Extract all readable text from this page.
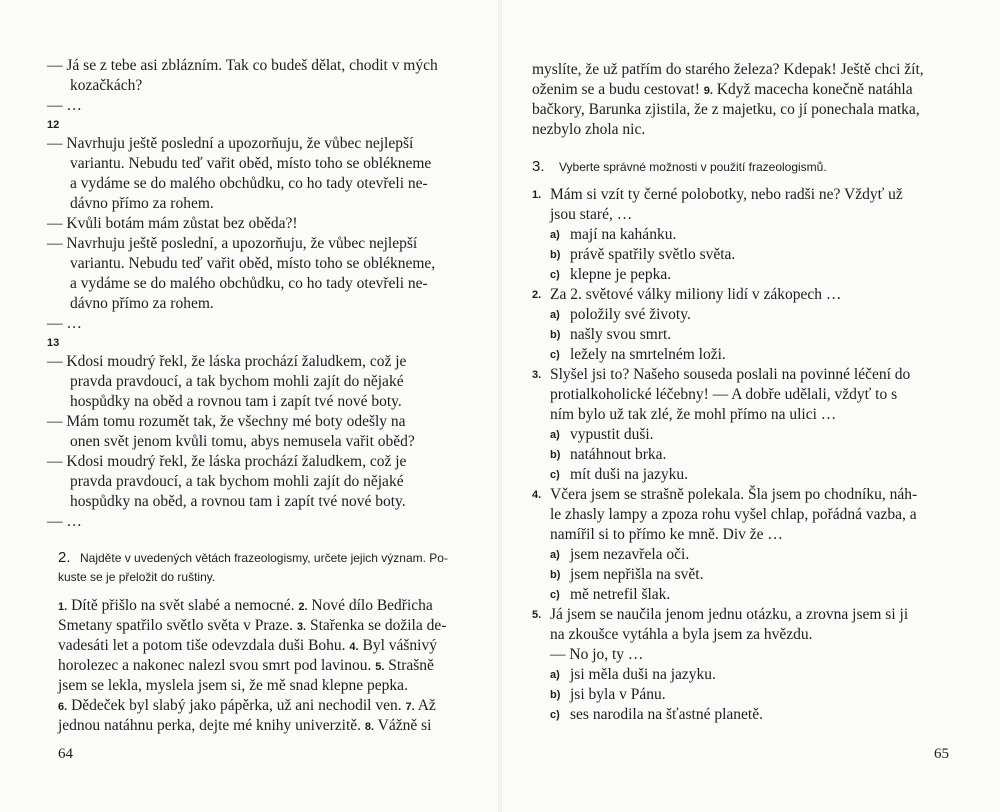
— Já se z tebe asi zblázním. Tak co budeš dělat, chodit v mých
kozačkách?
— …
12
— Navrhuju ještě poslední a upozorňuju, že vůbec nejlepší
variantu. Nebudu teď vařit oběd, místo toho se oblékneme
a vydáme se do malého obchůdku, co ho tady otevřeli ne-
dávno přímo za rohem.
— Kvůli botám mám zůstat bez oběda?!
— Navrhuju ještě poslední, a upozorňuju, že vůbec nejlepší
variantu. Nebudu teď vařit oběd, místo toho se oblékneme,
a vydáme se do malého obchůdku, co ho tady otevřeli ne-
dávno přímo za rohem.
— …
13
— Kdosi moudrý řekl, že láska prochází žaludkem, což je
pravda pravdoucí, a tak bychom mohli zajít do nějaké
hospůdky na oběd a rovnou tam i zapít tvé nové boty.
— Mám tomu rozumět tak, že všechny mé boty odešly na
onen svět jenom kvůli tomu, abys nemusela vařit oběd?
— Kdosi moudrý řekl, že láska prochází žaludkem, což je
pravda pravdoucí, a tak bychom mohli zajít do nějaké
hospůdky na oběd, a rovnou tam i zapít tvé nové boty.
— …
2. Najděte v uvedených větách frazeologismy, určete jejich význam. Po-
kuste se je přeložit do ruštiny.
1. Dítě přišlo na svět slabé a nemocné. 2. Nové dílo Bedřicha
Smetany spatřilo světlo světa v Praze. 3. Stařenka se dožila de-
vadesáti let a potom tiše odevzdala duši Bohu. 4. Byl vášnivý
horolezec a nakonec nalezl svou smrt pod lavinou. 5. Strašně
jsem se lekla, myslela jsem si, že mě snad klepne pepka.
6. Dědeček byl slabý jako pápěrka, už ani nechodil ven. 7. Až
jednou natáhnu perka, dejte mé knihy univerzitě. 8. Vážně si
64
myslíte, že už patřím do starého železa? Kdepak! Ještě chci žít,
oženim se a budu cestovat! 9. Když macecha konečně natáhla
bačkory, Barunka zjistila, že z majetku, co jí ponechala matka,
nezbylo zhola nic.
3. Vyberte správné možnosti v použití frazeologismů.
1. Mám si vzít ty černé polobotky, nebo radši ne? Vždyť už
jsou staré, …
a) mají na kahánku.
b) právě spatřily světlo světa.
c) klepne je pepka.
2. Za 2. světové války miliony lidí v zákopech …
a) položily své životy.
b) našly svou smrt.
c) ležely na smrtelném loži.
3. Slyšel jsi to? Našeho souseda poslali na povinné léčení do
protialkoholické léčebny! — A dobře udělali, vždyť to s
ním bylo už tak zlé, že mohl přímo na ulici …
a) vypustit duši.
b) natáhnout brka.
c) mít duši na jazyku.
4. Včera jsem se strašně polekala. Šla jsem po chodníku, náh-
le zhasly lampy a zpoza rohu vyšel chlap, pořádná vazba, a
namířil si to přímo ke mně. Div že …
a) jsem nezavřela oči.
b) jsem nepřišla na svět.
c) mě netrefil šlak.
5. Já jsem se naučila jenom jednu otázku, a zrovna jsem si ji
na zkoušce vytáhla a byla jsem za hvězdu.
— No jo, ty …
a) jsi měla duši na jazyku.
b) jsi byla v Pánu.
c) ses narodila na šťastné planetě.
65
